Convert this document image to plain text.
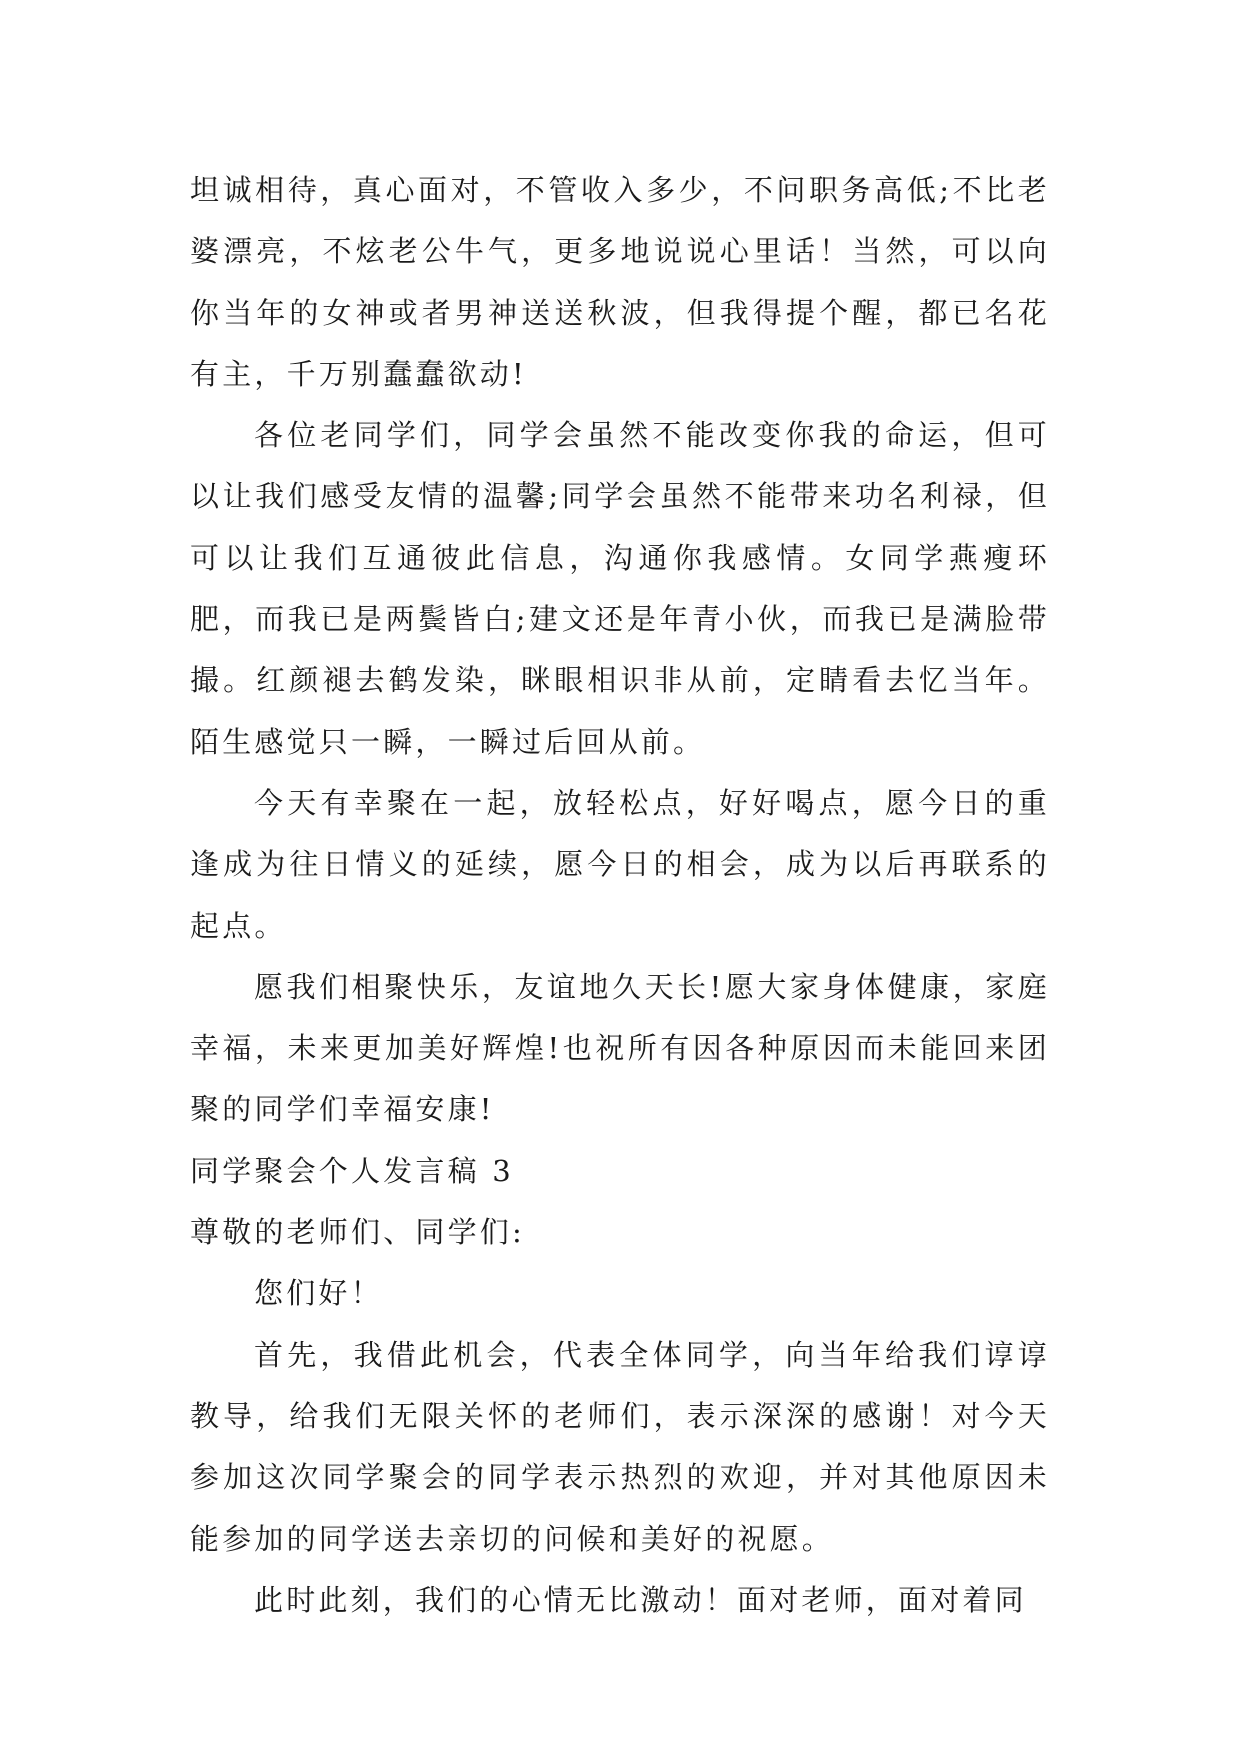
坦诚相待，真心面对，不管收入多少，不问职务高低;不比老婆漂亮，不炫老公牛气，更多地说说心里话！当然，可以向你当年的女神或者男神送送秋波，但我得提个醒，都已名花有主，千万别蠢蠢欲动!

各位老同学们，同学会虽然不能改变你我的命运，但可以让我们感受友情的温馨;同学会虽然不能带来功名利禄，但可以让我们互通彼此信息，沟通你我感情。女同学燕瘦环肥，而我已是两鬓皆白;建文还是年青小伙，而我已是满脸带撮。红颜褪去鹤发染，眯眼相识非从前，定睛看去忆当年。陌生感觉只一瞬，一瞬过后回从前。

今天有幸聚在一起，放轻松点，好好喝点，愿今日的重逢成为往日情义的延续，愿今日的相会，成为以后再联系的起点。

愿我们相聚快乐，友谊地久天长!愿大家身体健康，家庭幸福，未来更加美好辉煌!也祝所有因各种原因而未能回来团聚的同学们幸福安康!

同学聚会个人发言稿 3

尊敬的老师们、同学们:

您们好！

首先，我借此机会，代表全体同学，向当年给我们谆谆教导，给我们无限关怀的老师们，表示深深的感谢！对今天参加这次同学聚会的同学表示热烈的欢迎，并对其他原因未能参加的同学送去亲切的问候和美好的祝愿。

此时此刻，我们的心情无比激动！面对老师，面对着同
